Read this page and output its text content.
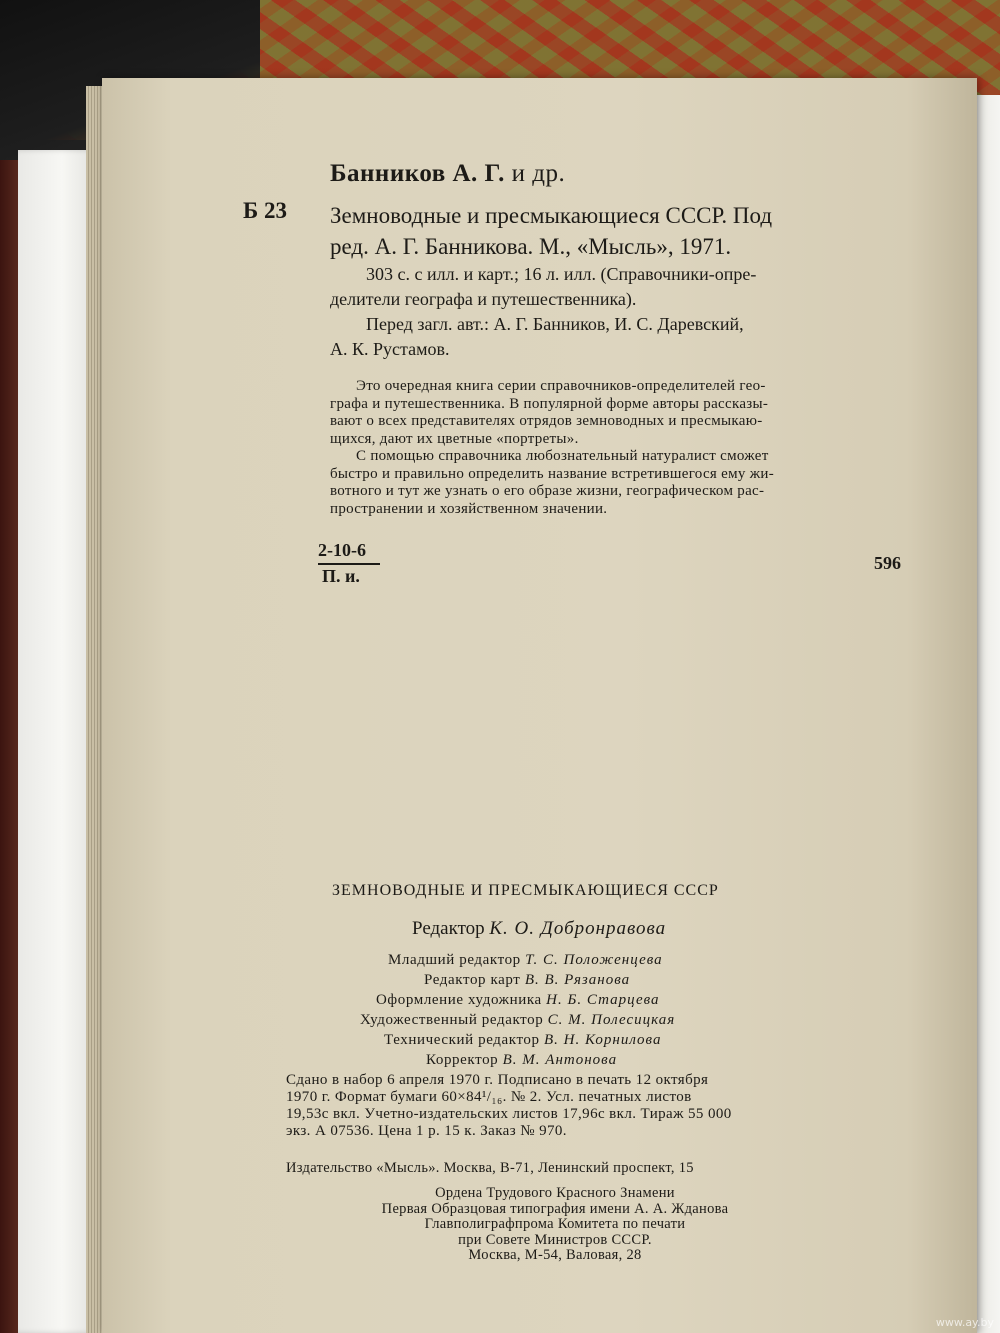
Банников А. Г. и др.
Б 23 Земноводные и пресмыкающиеся СССР. Под
ред. А. Г. Банникова. М., «Мысль», 1971.
303 с. с илл. и карт.; 16 л. илл. (Справочники-опре-
делители географа и путешественника).
Перед загл. авт.: А. Г. Банников, И. С. Даревский,
А. К. Рустамов.
Это очередная книга серии справочников-определителей гео-
графа и путешественника. В популярной форме авторы рассказы-
вают о всех представителях отрядов земноводных и пресмыкаю-
щихся, дают их цветные «портреты».
С помощью справочника любознательный натуралист сможет
быстро и правильно определить название встретившегося ему жи-
вотного и тут же узнать о его образе жизни, географическом рас-
пространении и хозяйственном значении.
2-10-6
П. и.
596
ЗЕМНОВОДНЫЕ И ПРЕСМЫКАЮЩИЕСЯ СССР
Редактор К. О. Добронравова
Младший редактор Т. С. Положенцева
Редактор карт В. В. Рязанова
Оформление художника Н. Б. Старцева
Художественный редактор С. М. Полесицкая
Технический редактор В. Н. Корнилова
Корректор В. М. Антонова
Сдано в набор 6 апреля 1970 г. Подписано в печать 12 октября
1970 г. Формат бумаги 60×84¹/₁₆. № 2. Усл. печатных листов
19,53с вкл. Учетно-издательских листов 17,96с вкл. Тираж 55 000
экз. А 07536. Цена 1 р. 15 к. Заказ № 970.
Издательство «Мысль». Москва, В-71, Ленинский проспект, 15
Ордена Трудового Красного Знамени
Первая Образцовая типография имени А. А. Жданова
Главполиграфпрома Комитета по печати
при Совете Министров СССР.
Москва, М-54, Валовая, 28
www.ay.by
